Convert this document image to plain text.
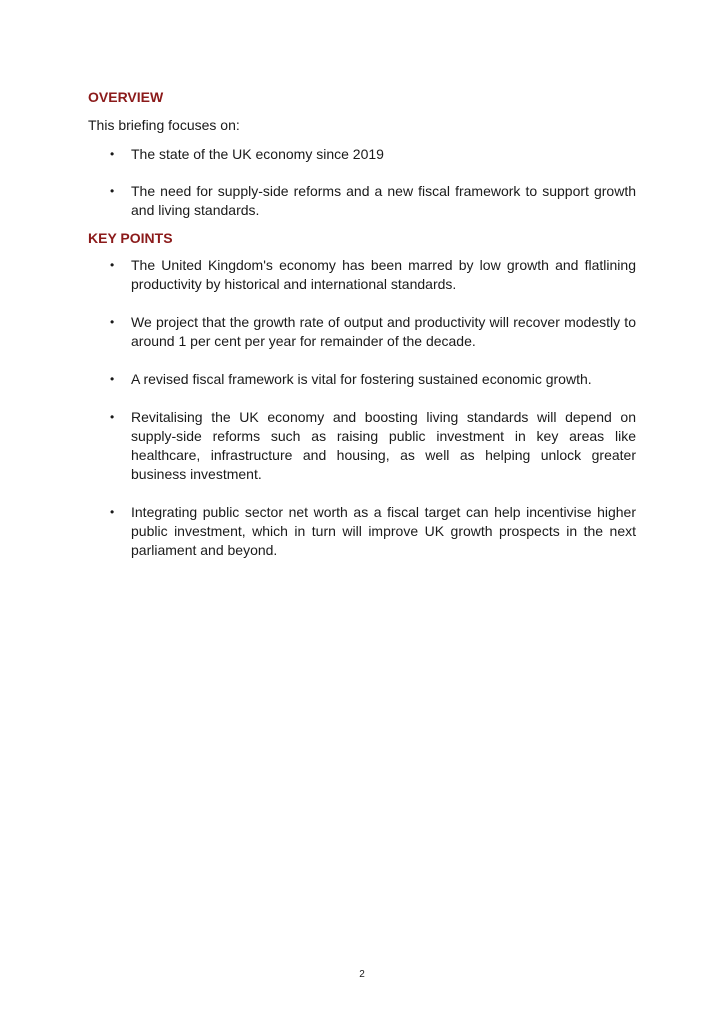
OVERVIEW

This briefing focuses on:

• The state of the UK economy since 2019
• The need for supply-side reforms and a new fiscal framework to support growth and living standards.
KEY POINTS
• The United Kingdom's economy has been marred by low growth and flatlining productivity by historical and international standards.
• We project that the growth rate of output and productivity will recover modestly to around 1 per cent per year for remainder of the decade.
• A revised fiscal framework is vital for fostering sustained economic growth.
• Revitalising the UK economy and boosting living standards will depend on supply-side reforms such as raising public investment in key areas like healthcare, infrastructure and housing, as well as helping unlock greater business investment.
• Integrating public sector net worth as a fiscal target can help incentivise higher public investment, which in turn will improve UK growth prospects in the next parliament and beyond.
2
